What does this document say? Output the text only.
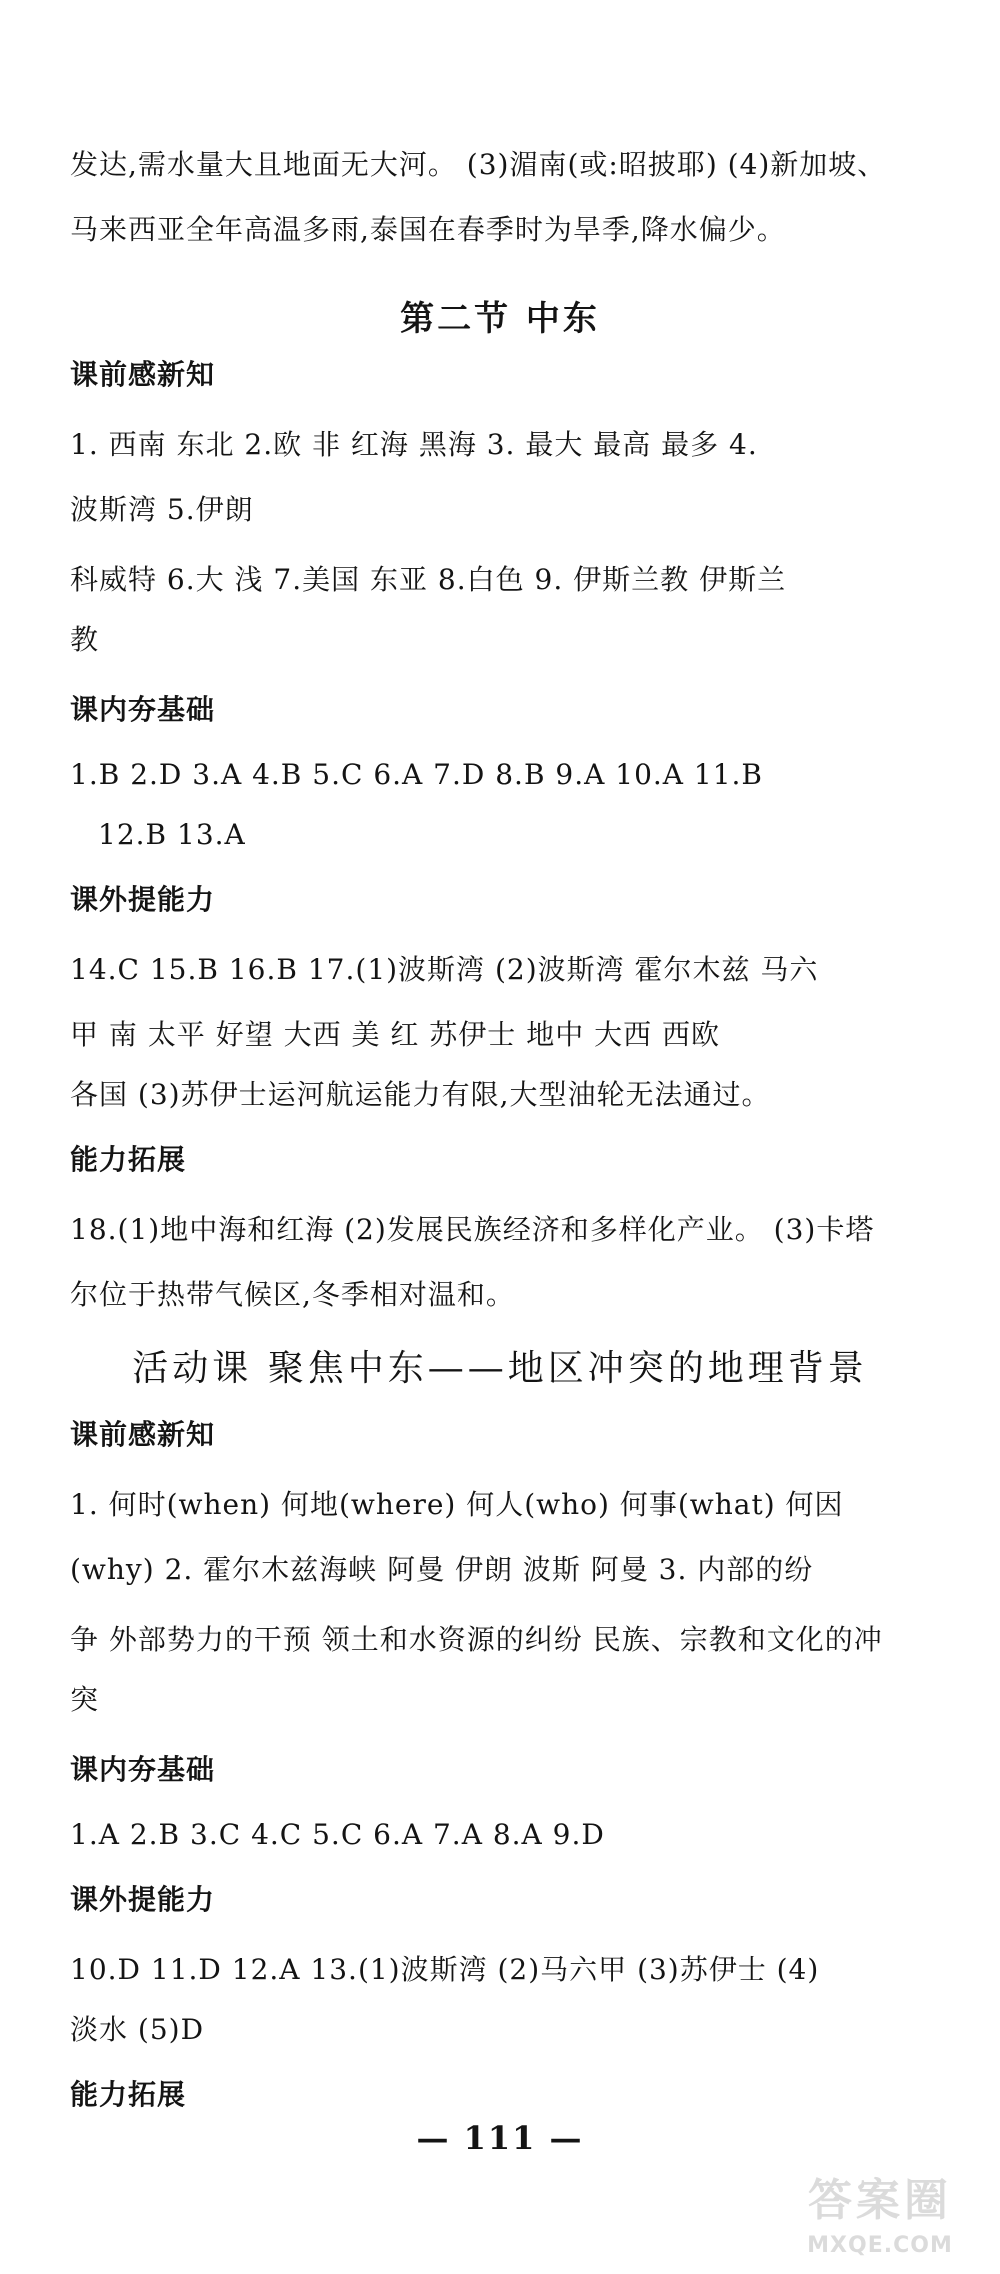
发达,需水量大且地面无大河。 (3)湄南(或:昭披耶) (4)新加坡、
马来西亚全年高温多雨,泰国在春季时为旱季,降水偏少。
第二节 中东
课前感新知
1. 西南 东北 2.欧 非 红海 黑海 3. 最大 最高 最多 4.
波斯湾 5.伊朗
科威特 6.大 浅 7.美国 东亚 8.白色 9. 伊斯兰教 伊斯兰
教
课内夯基础
1.B 2.D 3.A 4.B 5.C 6.A 7.D 8.B 9.A 10.A 11.B
12.B 13.A
课外提能力
14.C 15.B 16.B 17.(1)波斯湾 (2)波斯湾 霍尔木兹 马六
甲 南 太平 好望 大西 美 红 苏伊士 地中 大西 西欧
各国 (3)苏伊士运河航运能力有限,大型油轮无法通过。
能力拓展
18.(1)地中海和红海 (2)发展民族经济和多样化产业。 (3)卡塔
尔位于热带气候区,冬季相对温和。
活动课 聚焦中东——地区冲突的地理背景
课前感新知
1. 何时(when) 何地(where) 何人(who) 何事(what) 何因
(why) 2. 霍尔木兹海峡 阿曼 伊朗 波斯 阿曼 3. 内部的纷
争 外部势力的干预 领土和水资源的纠纷 民族、宗教和文化的冲
突
课内夯基础
1.A 2.B 3.C 4.C 5.C 6.A 7.A 8.A 9.D
课外提能力
10.D 11.D 12.A 13.(1)波斯湾 (2)马六甲 (3)苏伊士 (4)
淡水 (5)D
能力拓展
— 111 —
答案圈
MXQE.COM
